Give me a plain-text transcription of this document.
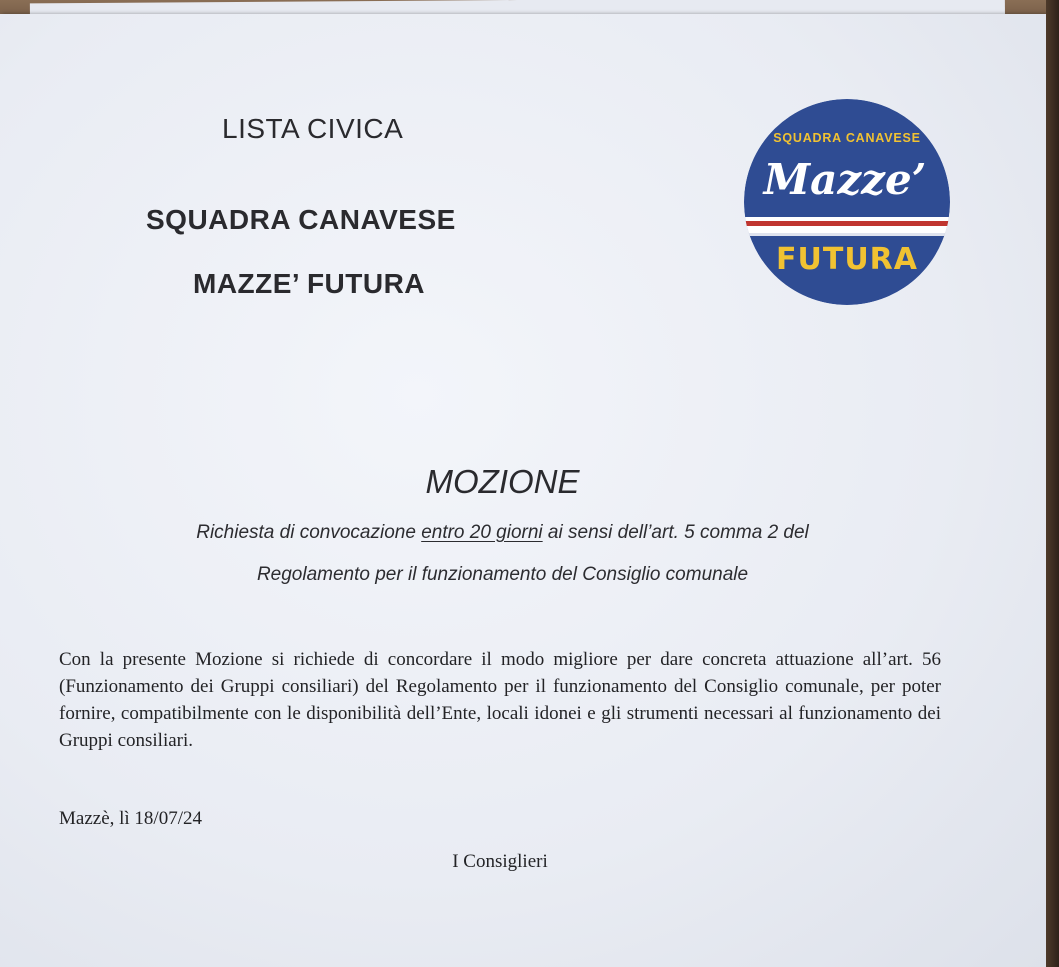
LISTA CIVICA
SQUADRA CANAVESE
MAZZE’ FUTURA
SQUADRA CANAVESE
Mazze’
FUTURA
MOZIONE
Richiesta di convocazione entro 20 giorni ai sensi dell’art. 5 comma 2 del
Regolamento per il funzionamento del Consiglio comunale

Con la presente Mozione si richiede di concordare il modo migliore per dare concreta attuazione all’art. 56 (Funzionamento dei Gruppi consiliari) del Regolamento per il funzionamento del Consiglio comunale, per poter fornire, compatibilmente con le disponibilità dell’Ente, locali idonei e gli strumenti necessari al funzionamento dei Gruppi consiliari.

Mazzè, lì 18/07/24
I Consiglieri
